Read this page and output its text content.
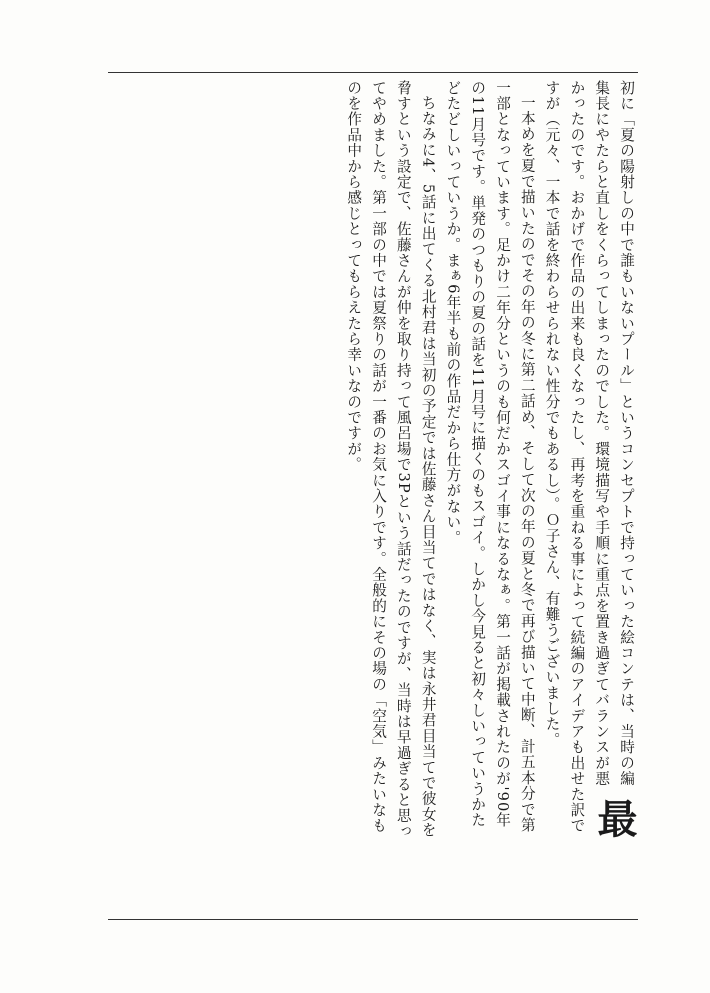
最
初に「夏の陽射しの中で誰もいないプール」というコンセプトで持っていった絵コンテは、当時の編集長にやたらと直しをくらってしまったのでした。環境描写や手順に重点を置き過ぎてバランスが悪かったのです。おかげで作品の出来も良くなったし、再考を重ねる事によって続編のアイデアも出せた訳ですが（元々、一本で話を終わらせられない性分でもあるし）。Ｏ子さん、有難うございました。

一本めを夏で描いたのでその年の冬に第二話め、そして次の年の夏と冬で再び描いて中断、計五本分で第一部となっています。足かけ二年分というのも何だかスゴイ事になるなぁ。第一話が掲載されたのが'90年の11月号です。単発のつもりの夏の話を11月号に描くのもスゴイ。しかし今見ると初々しいっていうかたどたどしいっていうか。まぁ6年半も前の作品だから仕方がない。

ちなみに4、5話に出てくる北村君は当初の予定では佐藤さん目当てではなく、実は永井君目当てで彼女を脅すという設定で、佐藤さんが仲を取り持って風呂場で3Pという話だったのですが、当時は早過ぎると思ってやめました。第一部の中では夏祭りの話が一番のお気に入りです。全般的にその場の「空気」みたいなものを作品中から感じとってもらえたら幸いなのですが。
